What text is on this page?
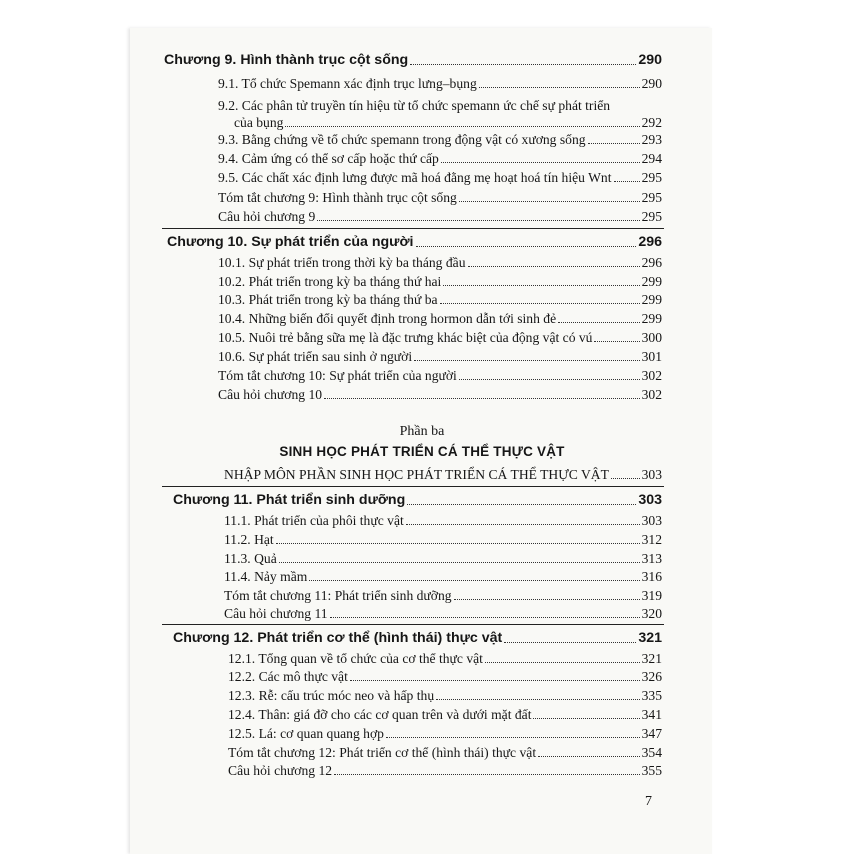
Chương 9. Hình thành trục cột sống	290
9.1. Tổ chức Spemann xác định trục lưng–bụng	290
9.2. Các phân tử truyền tín hiệu từ tổ chức spemann ức chế sự phát triển
của bụng	292
9.3. Bằng chứng về tổ chức spemann trong động vật có xương sống	293
9.4. Cảm ứng có thể sơ cấp hoặc thứ cấp	294
9.5. Các chất xác định lưng được mã hoá đằng mẹ hoạt hoá tín hiệu Wnt 295
Tóm tắt chương 9: Hình thành trục cột sống	295
Câu hỏi chương 9	295
Chương 10. Sự phát triển của người	296
10.1. Sự phát triển trong thời kỳ ba tháng đầu	296
10.2. Phát triển trong kỳ ba tháng thứ hai	299
10.3. Phát triển trong kỳ ba tháng thứ ba	299
10.4. Những biến đổi quyết định trong hormon dẫn tới sinh đẻ	299
10.5. Nuôi trẻ bằng sữa mẹ là đặc trưng khác biệt của động vật có vú	300
10.6. Sự phát triển sau sinh ở người	301
Tóm tắt chương 10: Sự phát triển của người	302
Câu hỏi chương 10	302
Phần ba
SINH HỌC PHÁT TRIỂN CÁ THỂ THỰC VẬT
NHẬP MÔN PHẦN SINH HỌC PHÁT TRIỂN CÁ THỂ THỰC VẬT 303
Chương 11. Phát triển sinh dưỡng	303
11.1. Phát triển của phôi thực vật	303
11.2. Hạt	312
11.3. Quả	313
11.4. Nảy mầm	316
Tóm tắt chương 11: Phát triển sinh dưỡng	319
Câu hỏi chương 11	320
Chương 12. Phát triển cơ thể (hình thái) thực vật	321
12.1. Tổng quan về tổ chức của cơ thể thực vật	321
12.2. Các mô thực vật	326
12.3. Rễ: cấu trúc móc neo và hấp thụ	335
12.4. Thân: giá đỡ cho các cơ quan trên và dưới mặt đất	341
12.5. Lá: cơ quan quang hợp	347
Tóm tắt chương 12: Phát triển cơ thể (hình thái) thực vật	354
Câu hỏi chương 12	355
7
